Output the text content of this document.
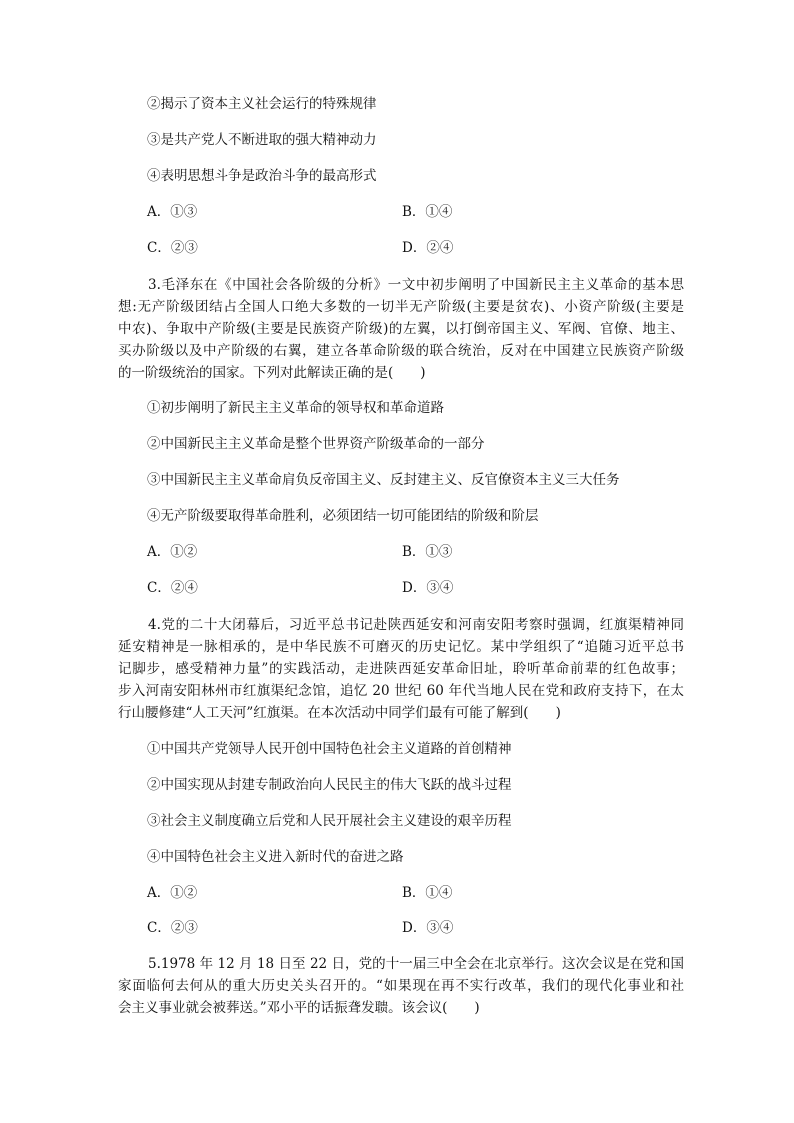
②揭示了资本主义社会运行的特殊规律
③是共产党人不断进取的强大精神动力
④表明思想斗争是政治斗争的最高形式
A．①③	B．①④
C．②③	D．②④
3.毛泽东在《中国社会各阶级的分析》一文中初步阐明了中国新民主主义革命的基本思
想:无产阶级团结占全国人口绝大多数的一切半无产阶级(主要是贫农)、小资产阶级(主要是
中农)、争取中产阶级(主要是民族资产阶级)的左翼，以打倒帝国主义、军阀、官僚、地主、
买办阶级以及中产阶级的右翼，建立各革命阶级的联合统治，反对在中国建立民族资产阶级
的一阶级统治的国家。下列对此解读正确的是(　　)
①初步阐明了新民主主义革命的领导权和革命道路
②中国新民主主义革命是整个世界资产阶级革命的一部分
③中国新民主主义革命肩负反帝国主义、反封建主义、反官僚资本主义三大任务
④无产阶级要取得革命胜利，必须团结一切可能团结的阶级和阶层
A．①②	B．①③
C．②④	D．③④
4.党的二十大闭幕后，习近平总书记赴陕西延安和河南安阳考察时强调，红旗渠精神同
延安精神是一脉相承的，是中华民族不可磨灭的历史记忆。某中学组织了“追随习近平总书
记脚步，感受精神力量”的实践活动，走进陕西延安革命旧址，聆听革命前辈的红色故事；
步入河南安阳林州市红旗渠纪念馆，追忆 20 世纪 60 年代当地人民在党和政府支持下，在太
行山腰修建“人工天河”红旗渠。在本次活动中同学们最有可能了解到(　　)
①中国共产党领导人民开创中国特色社会主义道路的首创精神
②中国实现从封建专制政治向人民民主的伟大飞跃的战斗过程
③社会主义制度确立后党和人民开展社会主义建设的艰辛历程
④中国特色社会主义进入新时代的奋进之路
A．①②	B．①④
C．②③	D．③④
5.1978 年 12 月 18 日至 22 日，党的十一届三中全会在北京举行。这次会议是在党和国
家面临何去何从的重大历史关头召开的。“如果现在再不实行改革，我们的现代化事业和社
会主义事业就会被葬送。”邓小平的话振聋发聩。该会议(　　)
